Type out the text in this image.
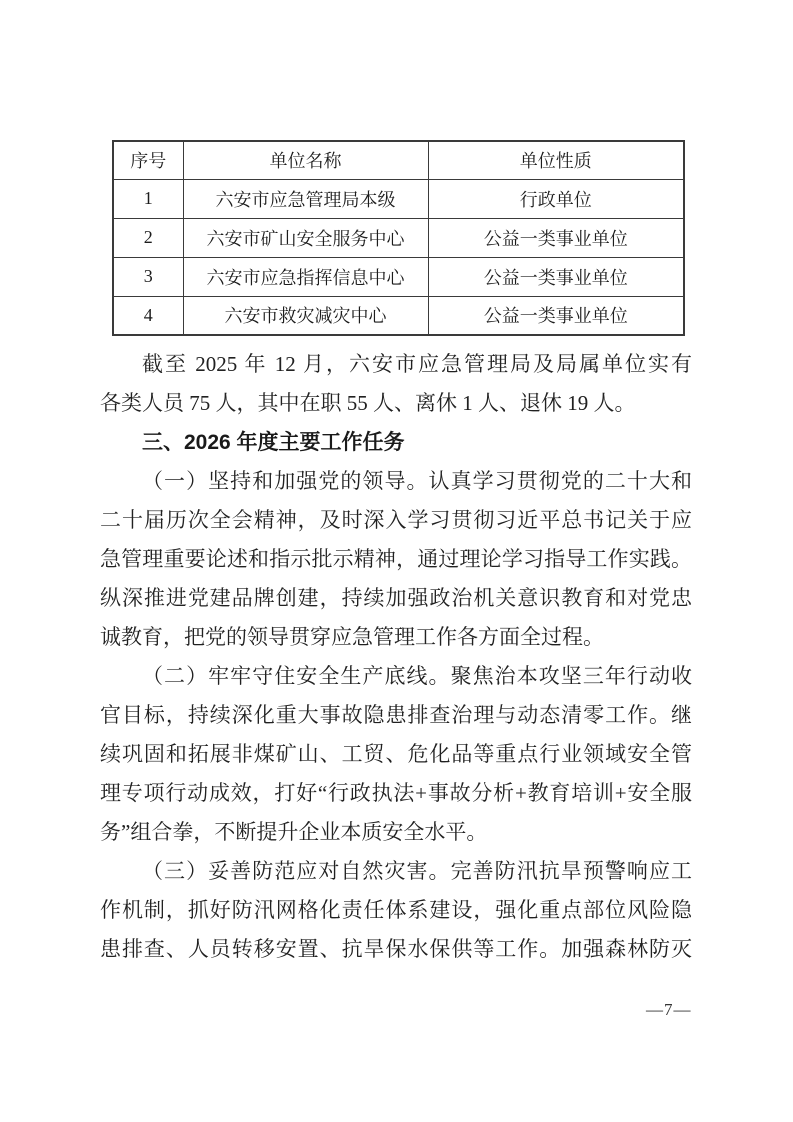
序号	单位名称	单位性质
1	六安市应急管理局本级	行政单位
2	六安市矿山安全服务中心	公益一类事业单位
3	六安市应急指挥信息中心	公益一类事业单位
4	六安市救灾减灾中心	公益一类事业单位
截至 2025 年 12 月，六安市应急管理局及局属单位实有
各类人员 75 人，其中在职 55 人、离休 1 人、退休 19 人。
三、2026 年度主要工作任务
（一）坚持和加强党的领导。认真学习贯彻党的二十大和
二十届历次全会精神，及时深入学习贯彻习近平总书记关于应
急管理重要论述和指示批示精神，通过理论学习指导工作实践。
纵深推进党建品牌创建，持续加强政治机关意识教育和对党忠
诚教育，把党的领导贯穿应急管理工作各方面全过程。
（二）牢牢守住安全生产底线。聚焦治本攻坚三年行动收
官目标，持续深化重大事故隐患排查治理与动态清零工作。继
续巩固和拓展非煤矿山、工贸、危化品等重点行业领域安全管
理专项行动成效，打好“行政执法+事故分析+教育培训+安全服
务”组合拳，不断提升企业本质安全水平。
（三）妥善防范应对自然灾害。完善防汛抗旱预警响应工
作机制，抓好防汛网格化责任体系建设，强化重点部位风险隐
患排查、人员转移安置、抗旱保水保供等工作。加强森林防灭
—7—
